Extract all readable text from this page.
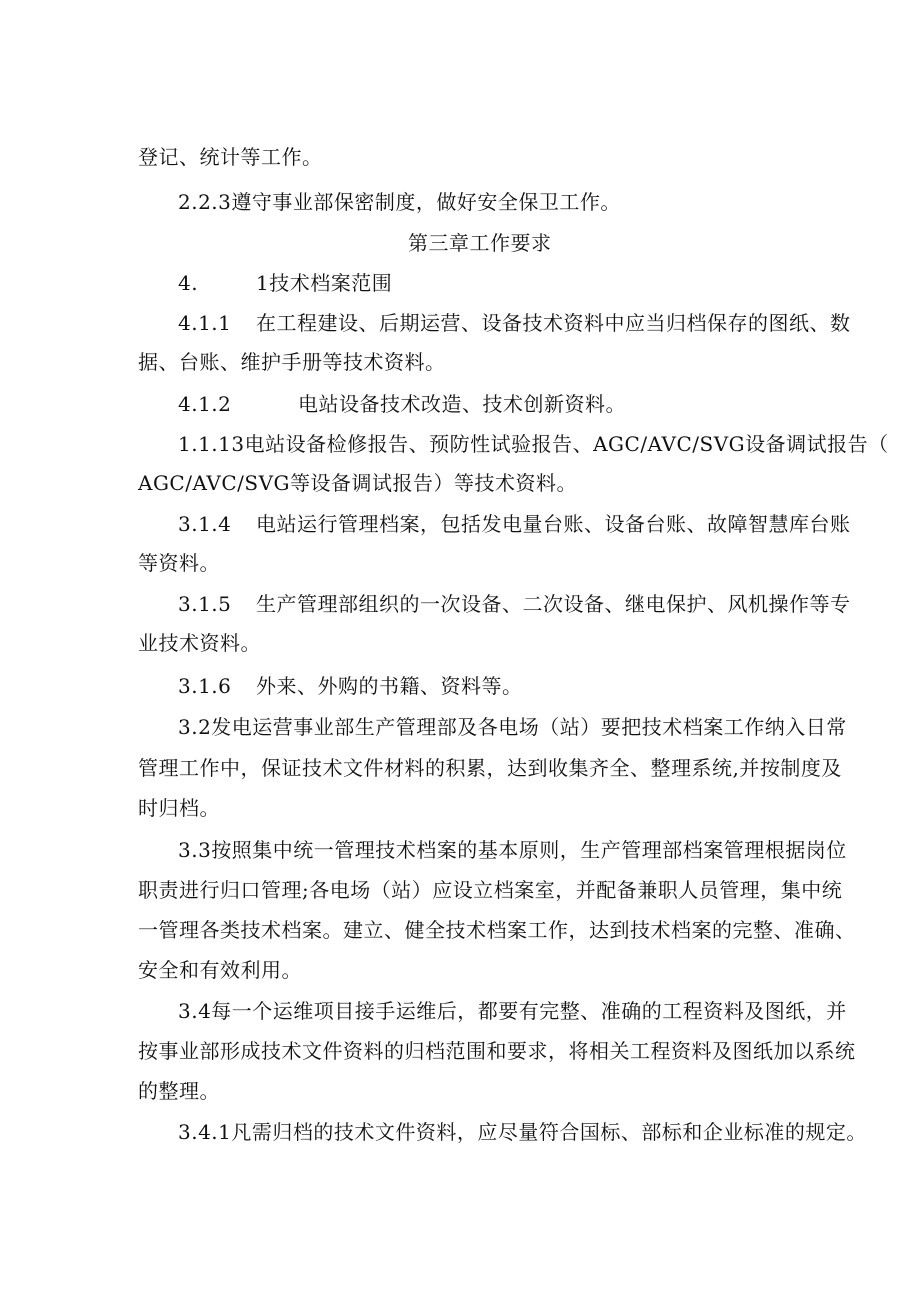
登记、统计等工作。
2.2.3遵守事业部保密制度，做好安全保卫工作。
第三章工作要求
4.	1技术档案范围
4.1.1 在工程建设、后期运营、设备技术资料中应当归档保存的图纸、数
据、台账、维护手册等技术资料。
4.1.2	电站设备技术改造、技术创新资料。
1.1.13电站设备检修报告、预防性试验报告、AGC/AVC/SVG设备调试报告（
AGC/AVC/SVG等设备调试报告）等技术资料。
3.1.4 电站运行管理档案，包括发电量台账、设备台账、故障智慧库台账
等资料。
3.1.5 生产管理部组织的一次设备、二次设备、继电保护、风机操作等专
业技术资料。
3.1.6 外来、外购的书籍、资料等。
3.2发电运营事业部生产管理部及各电场（站）要把技术档案工作纳入日常
管理工作中，保证技术文件材料的积累，达到收集齐全、整理系统,并按制度及
时归档。
3.3按照集中统一管理技术档案的基本原则，生产管理部档案管理根据岗位
职责进行归口管理;各电场（站）应设立档案室，并配备兼职人员管理，集中统
一管理各类技术档案。建立、健全技术档案工作，达到技术档案的完整、准确、
安全和有效利用。
3.4每一个运维项目接手运维后，都要有完整、准确的工程资料及图纸，并
按事业部形成技术文件资料的归档范围和要求，将相关工程资料及图纸加以系统
的整理。
3.4.1凡需归档的技术文件资料，应尽量符合国标、部标和企业标准的规定。
